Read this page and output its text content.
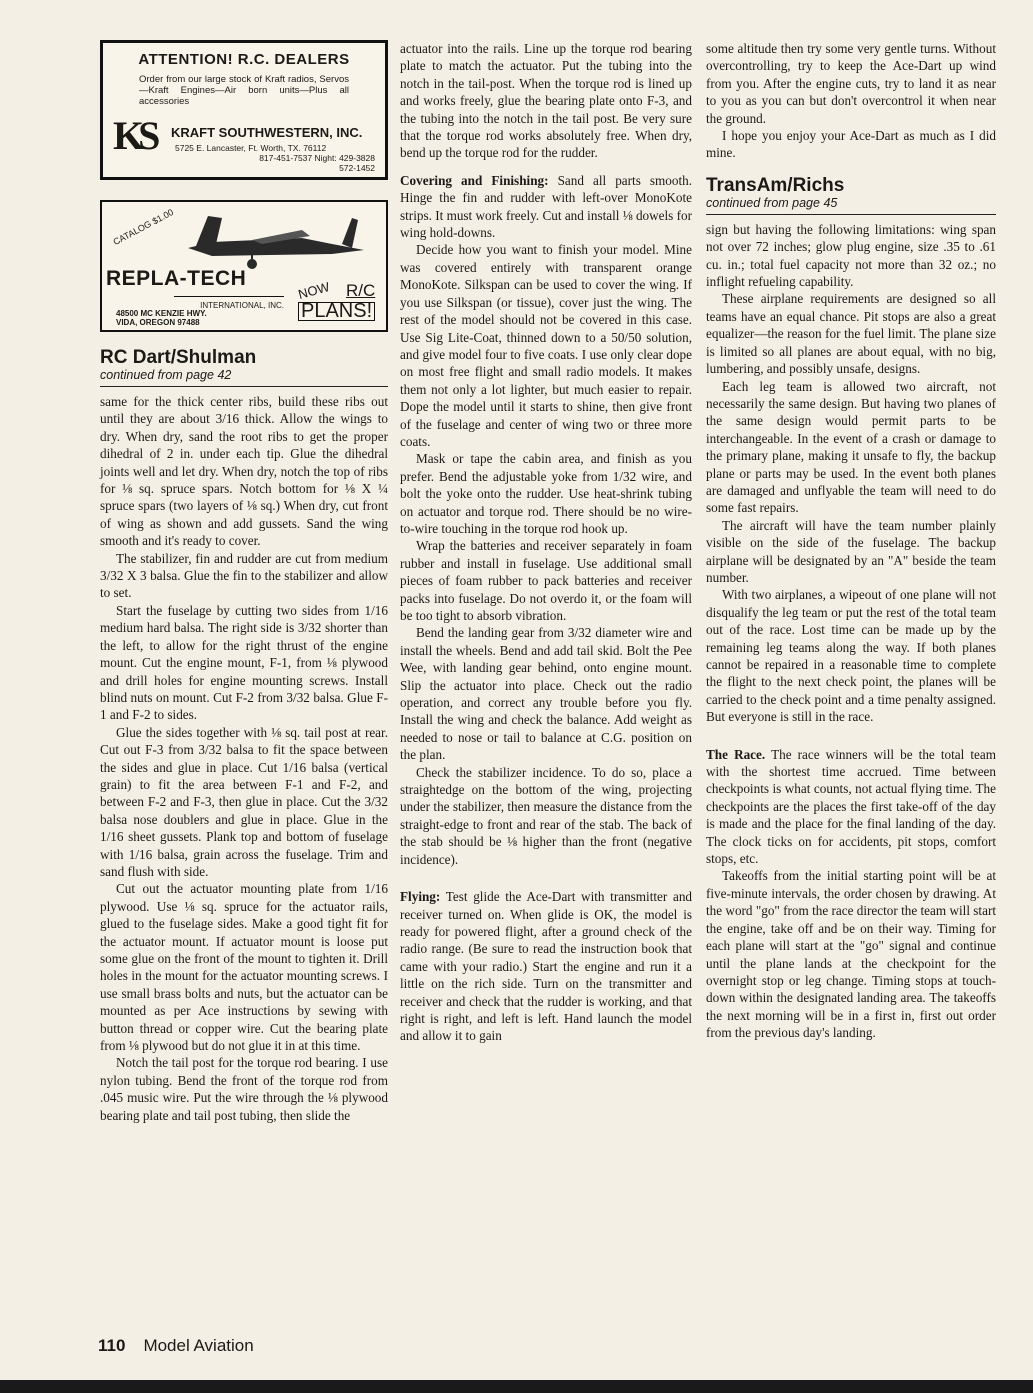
ATTENTION! R.C. DEALERS
Order from our large stock of Kraft radios, Servos—Kraft Engines—Air born units—Plus all accessories
KS KRAFT SOUTHWESTERN, INC.
5725 E. Lancaster, Ft. Worth, TX. 76112
817-451-7537 Night: 429-3828
572-1452
CATALOG $1.00
REPLA-TECH
INTERNATIONAL, INC.
48500 MC KENZIE HWY.
VIDA, OREGON 97488
NOW R/C
PLANS!
RC Dart/Shulman
continued from page 42

same for the thick center ribs, build these ribs out until they are about 3/16 thick. Allow the wings to dry. When dry, sand the root ribs to get the proper dihedral of 2 in. under each tip. Glue the dihedral joints well and let dry. When dry, notch the top of ribs for ⅛ sq. spruce spars. Notch bottom for ⅛ X ¼ spruce spars (two layers of ⅛ sq.) When dry, cut front of wing as shown and add gussets. Sand the wing smooth and it's ready to cover.

The stabilizer, fin and rudder are cut from medium 3/32 X 3 balsa. Glue the fin to the stabilizer and allow to set.

Start the fuselage by cutting two sides from 1/16 medium hard balsa. The right side is 3/32 shorter than the left, to allow for the right thrust of the engine mount. Cut the engine mount, F-1, from ⅛ plywood and drill holes for engine mounting screws. Install blind nuts on mount. Cut F-2 from 3/32 balsa. Glue F-1 and F-2 to sides.

Glue the sides together with ⅛ sq. tail post at rear. Cut out F-3 from 3/32 balsa to fit the space between the sides and glue in place. Cut 1/16 balsa (vertical grain) to fit the area between F-1 and F-2, and between F-2 and F-3, then glue in place. Cut the 3/32 balsa nose doublers and glue in place. Glue in the 1/16 sheet gussets. Plank top and bottom of fuselage with 1/16 balsa, grain across the fuselage. Trim and sand flush with side.

Cut out the actuator mounting plate from 1/16 plywood. Use ⅛ sq. spruce for the actuator rails, glued to the fuselage sides. Make a good tight fit for the actuator mount. If actuator mount is loose put some glue on the front of the mount to tighten it. Drill holes in the mount for the actuator mounting screws. I use small brass bolts and nuts, but the actuator can be mounted as per Ace instructions by sewing with button thread or copper wire. Cut the bearing plate from ⅛ plywood but do not glue it in at this time.

Notch the tail post for the torque rod bearing. I use nylon tubing. Bend the front of the torque rod from .045 music wire. Put the wire through the ⅛ plywood bearing plate and tail post tubing, then slide the

actuator into the rails. Line up the torque rod bearing plate to match the actuator. Put the tubing into the notch in the tail-post. When the torque rod is lined up and works freely, glue the bearing plate onto F-3, and the tubing into the notch in the tail post. Be very sure that the torque rod works absolutely free. When dry, bend up the torque rod for the rudder.

Covering and Finishing: Sand all parts smooth. Hinge the fin and rudder with left-over MonoKote strips. It must work freely. Cut and install ⅛ dowels for wing hold-downs.

Decide how you want to finish your model. Mine was covered entirely with transparent orange MonoKote. Silkspan can be used to cover the wing. If you use Silkspan (or tissue), cover just the wing. The rest of the model should not be covered in this case. Use Sig Lite-Coat, thinned down to a 50/50 solution, and give model four to five coats. I use only clear dope on most free flight and small radio models. It makes them not only a lot lighter, but much easier to repair. Dope the model until it starts to shine, then give front of the fuselage and center of wing two or three more coats.

Mask or tape the cabin area, and finish as you prefer. Bend the adjustable yoke from 1/32 wire, and bolt the yoke onto the rudder. Use heat-shrink tubing on actuator and torque rod. There should be no wire-to-wire touching in the torque rod hook up.

Wrap the batteries and receiver separately in foam rubber and install in fuselage. Use additional small pieces of foam rubber to pack batteries and receiver packs into fuselage. Do not overdo it, or the foam will be too tight to absorb vibration.

Bend the landing gear from 3/32 diameter wire and install the wheels. Bend and add tail skid. Bolt the Pee Wee, with landing gear behind, onto engine mount. Slip the actuator into place. Check out the radio operation, and correct any trouble before you fly. Install the wing and check the balance. Add weight as needed to nose or tail to balance at C.G. position on the plan.

Check the stabilizer incidence. To do so, place a straightedge on the bottom of the wing, projecting under the stabilizer, then measure the distance from the straight-edge to front and rear of the stab. The back of the stab should be ⅛ higher than the front (negative incidence).

Flying: Test glide the Ace-Dart with transmitter and receiver turned on. When glide is OK, the model is ready for powered flight, after a ground check of the radio range. (Be sure to read the instruction book that came with your radio.) Start the engine and run it a little on the rich side. Turn on the transmitter and receiver and check that the rudder is working, and that right is right, and left is left. Hand launch the model and allow it to gain

some altitude then try some very gentle turns. Without overcontrolling, try to keep the Ace-Dart up wind from you. After the engine cuts, try to land it as near to you as you can but don't overcontrol it when near the ground.

I hope you enjoy your Ace-Dart as much as I did mine.

TransAm/Richs
continued from page 45

sign but having the following limitations: wing span not over 72 inches; glow plug engine, size .35 to .61 cu. in.; total fuel capacity not more than 32 oz.; no inflight refueling capability.

These airplane requirements are designed so all teams have an equal chance. Pit stops are also a great equalizer—the reason for the fuel limit. The plane size is limited so all planes are about equal, with no big, lumbering, and possibly unsafe, designs.

Each leg team is allowed two aircraft, not necessarily the same design. But having two planes of the same design would permit parts to be interchangeable. In the event of a crash or damage to the primary plane, making it unsafe to fly, the backup plane or parts may be used. In the event both planes are damaged and unflyable the team will need to do some fast repairs.

The aircraft will have the team number plainly visible on the side of the fuselage. The backup airplane will be designated by an "A" beside the team number.

With two airplanes, a wipeout of one plane will not disqualify the leg team or put the rest of the total team out of the race. Lost time can be made up by the remaining leg teams along the way. If both planes cannot be repaired in a reasonable time to complete the flight to the next check point, the planes will be carried to the check point and a time penalty assigned. But everyone is still in the race.

The Race. The race winners will be the total team with the shortest time accrued. Time between checkpoints is what counts, not actual flying time. The checkpoints are the places the first take-off of the day is made and the place for the final landing of the day. The clock ticks on for accidents, pit stops, comfort stops, etc.

Takeoffs from the initial starting point will be at five-minute intervals, the order chosen by drawing. At the word "go" from the race director the team will start the engine, take off and be on their way. Timing for each plane will start at the "go" signal and continue until the plane lands at the checkpoint for the overnight stop or leg change. Timing stops at touch-down within the designated landing area. The takeoffs the next morning will be in a first in, first out order from the previous day's landing.

110 Model Aviation
